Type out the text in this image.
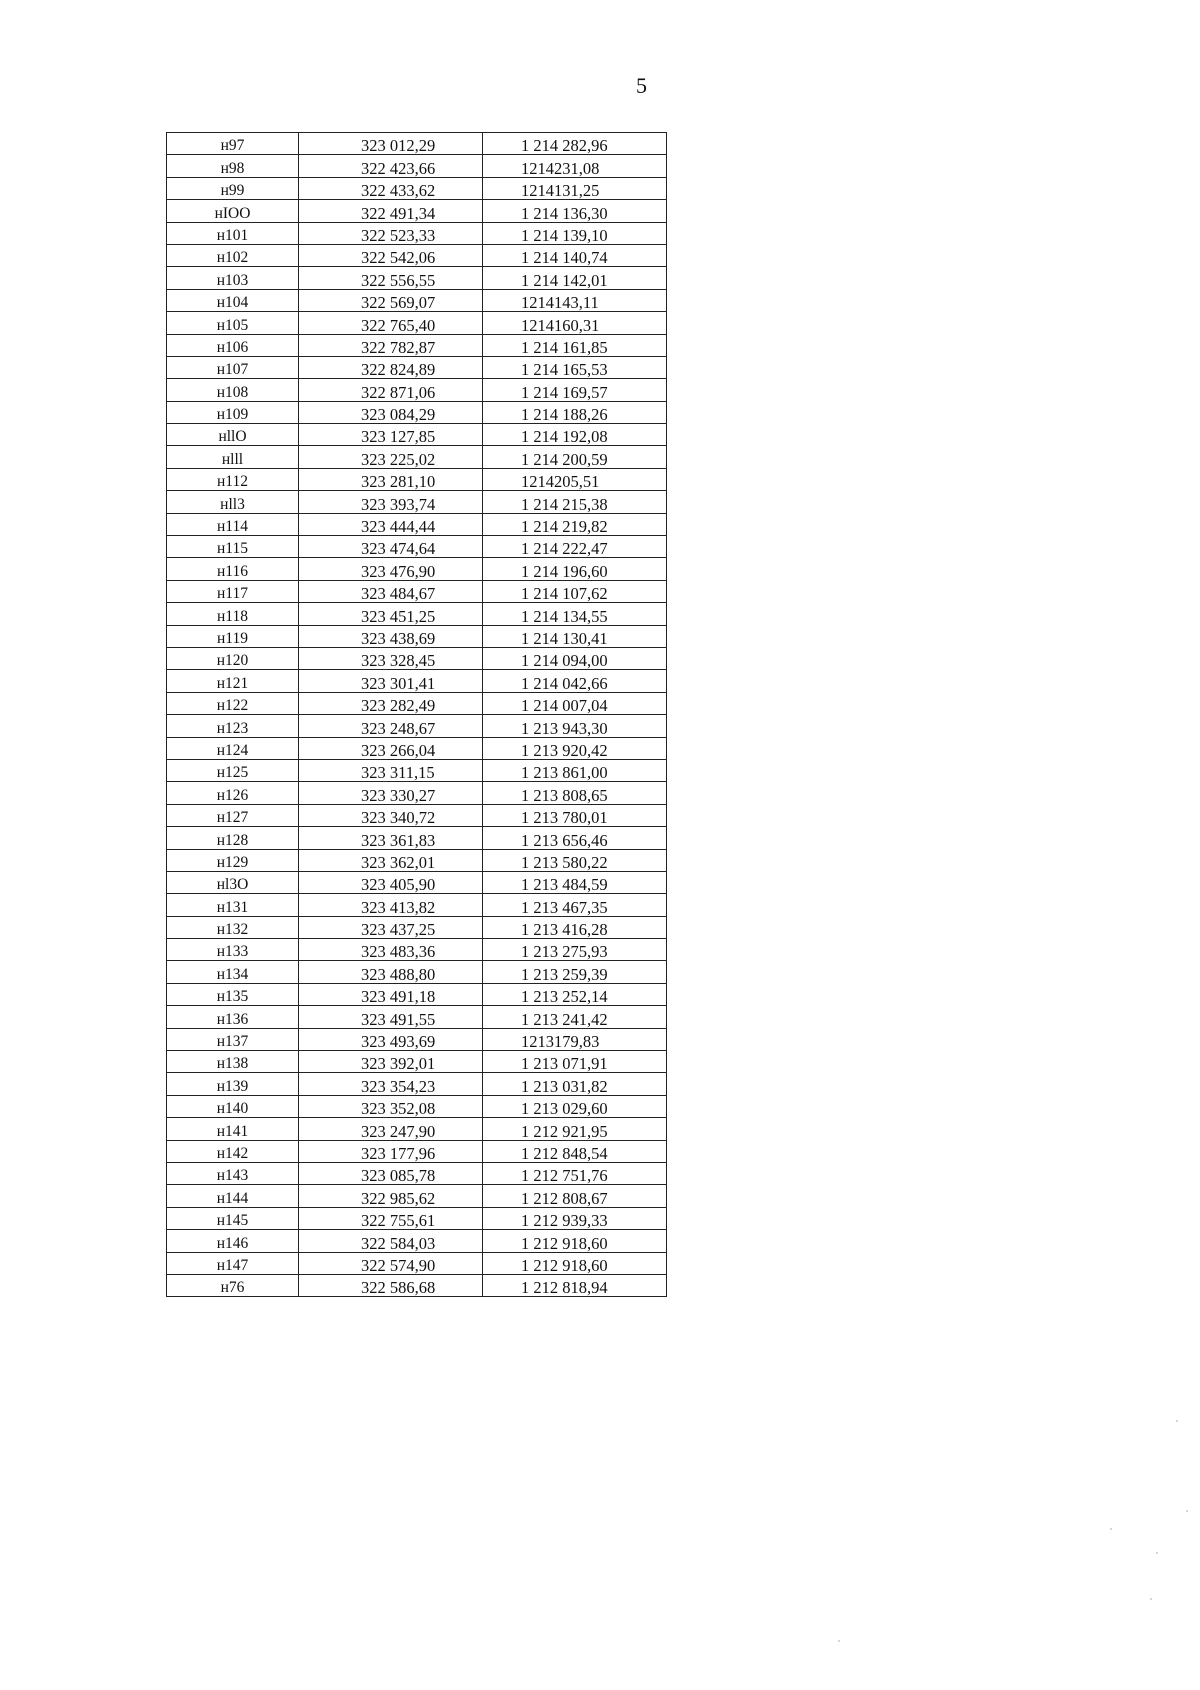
5
н97	323 012,29	1 214 282,96
н98	322 423,66	1214231,08
н99	322 433,62	1214131,25
нIOO	322 491,34	1 214 136,30
н101	322 523,33	1 214 139,10
н102	322 542,06	1 214 140,74
н103	322 556,55	1 214 142,01
н104	322 569,07	1214143,11
н105	322 765,40	1214160,31
н106	322 782,87	1 214 161,85
н107	322 824,89	1 214 165,53
н108	322 871,06	1 214 169,57
н109	323 084,29	1 214 188,26
нllO	323 127,85	1 214 192,08
нlll	323 225,02	1 214 200,59
н112	323 281,10	1214205,51
нll3	323 393,74	1 214 215,38
н114	323 444,44	1 214 219,82
н115	323 474,64	1 214 222,47
н116	323 476,90	1 214 196,60
н117	323 484,67	1 214 107,62
н118	323 451,25	1 214 134,55
н119	323 438,69	1 214 130,41
н120	323 328,45	1 214 094,00
н121	323 301,41	1 214 042,66
н122	323 282,49	1 214 007,04
н123	323 248,67	1 213 943,30
н124	323 266,04	1 213 920,42
н125	323 311,15	1 213 861,00
н126	323 330,27	1 213 808,65
н127	323 340,72	1 213 780,01
н128	323 361,83	1 213 656,46
н129	323 362,01	1 213 580,22
нl3O	323 405,90	1 213 484,59
н131	323 413,82	1 213 467,35
н132	323 437,25	1 213 416,28
н133	323 483,36	1 213 275,93
н134	323 488,80	1 213 259,39
н135	323 491,18	1 213 252,14
н136	323 491,55	1 213 241,42
н137	323 493,69	1213179,83
н138	323 392,01	1 213 071,91
н139	323 354,23	1 213 031,82
н140	323 352,08	1 213 029,60
н141	323 247,90	1 212 921,95
н142	323 177,96	1 212 848,54
н143	323 085,78	1 212 751,76
н144	322 985,62	1 212 808,67
н145	322 755,61	1 212 939,33
н146	322 584,03	1 212 918,60
н147	322 574,90	1 212 918,60
н76	322 586,68	1 212 818,94
